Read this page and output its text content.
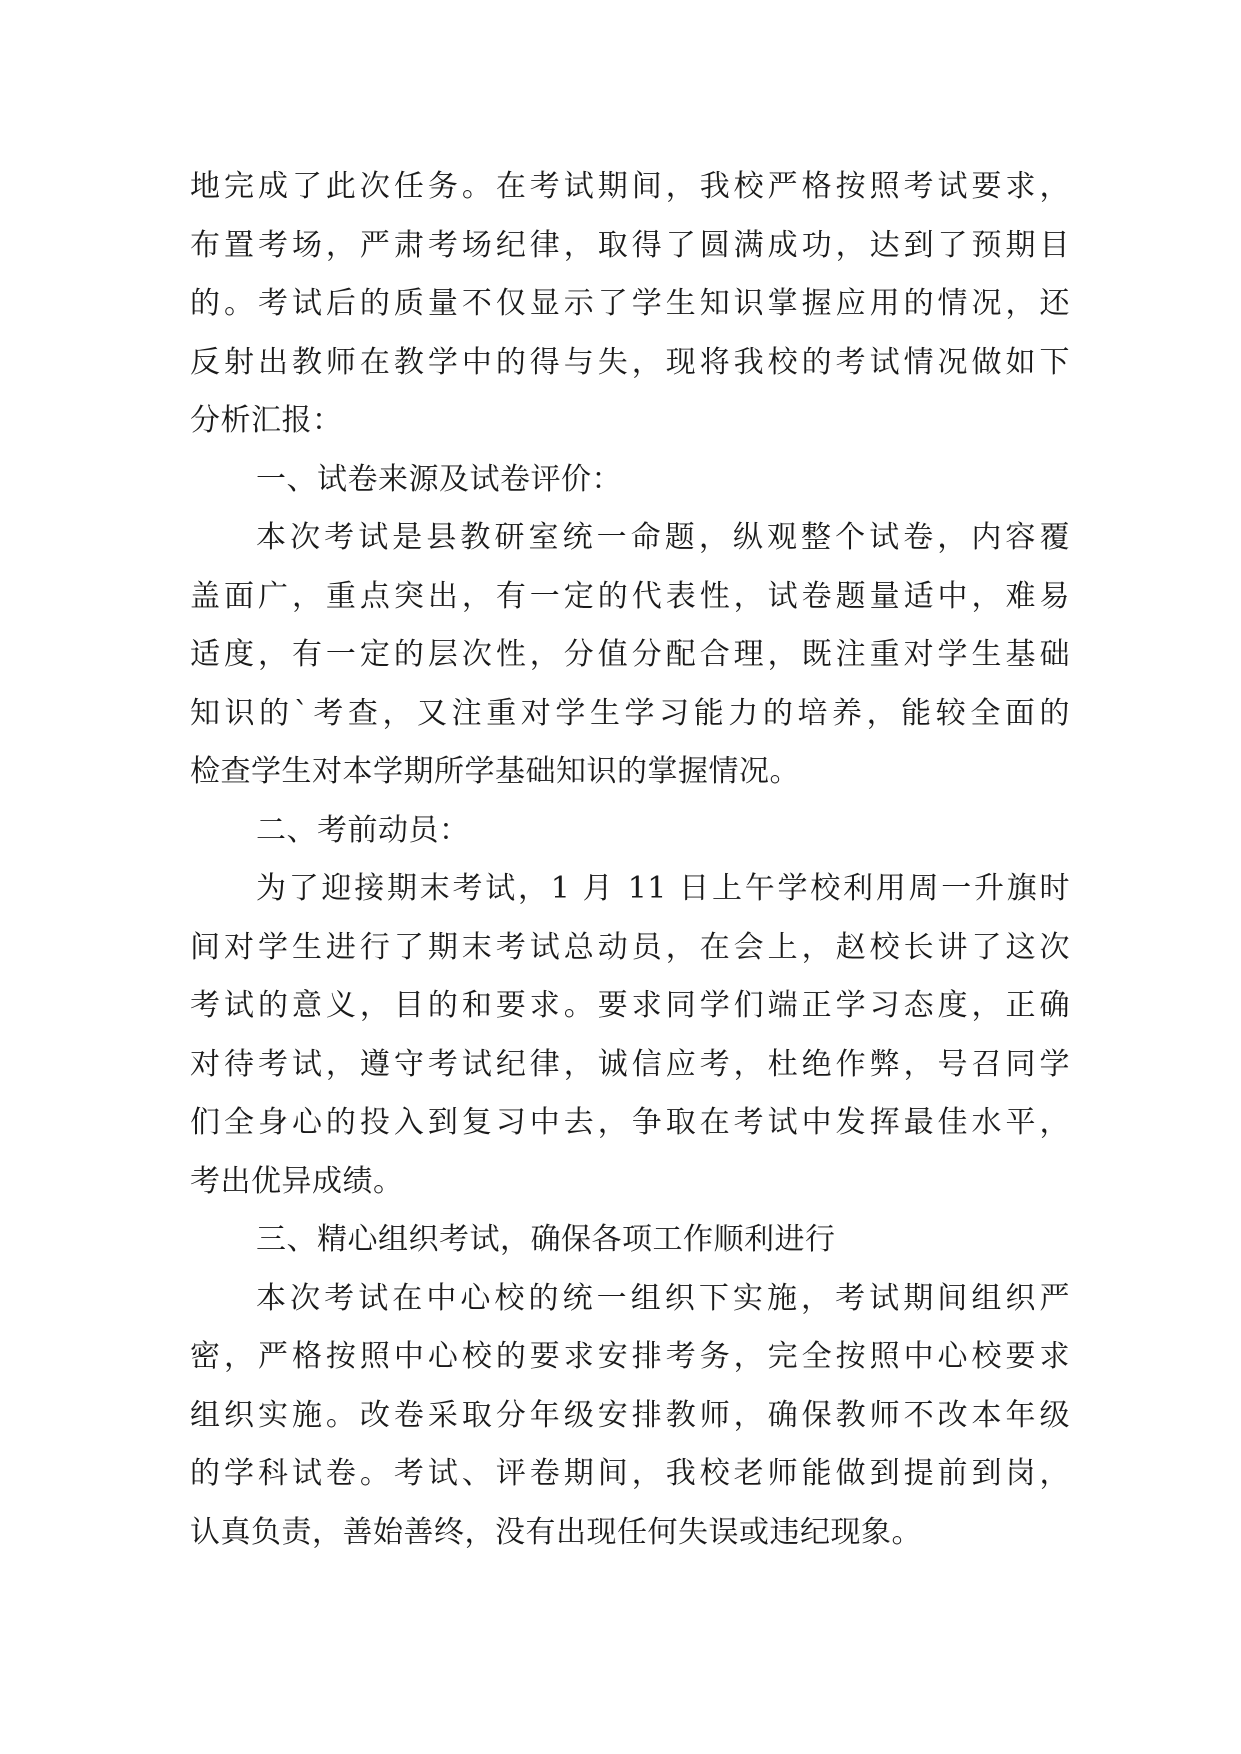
地完成了此次任务。在考试期间，我校严格按照考试要求，
布置考场，严肃考场纪律，取得了圆满成功，达到了预期目
的。考试后的质量不仅显示了学生知识掌握应用的情况，还
反射出教师在教学中的得与失，现将我校的考试情况做如下
分析汇报：
一、试卷来源及试卷评价：
本次考试是县教研室统一命题，纵观整个试卷，内容覆
盖面广，重点突出，有一定的代表性，试卷题量适中，难易
适度，有一定的层次性，分值分配合理，既注重对学生基础
知识的`考查，又注重对学生学习能力的培养，能较全面的
检查学生对本学期所学基础知识的掌握情况。
二、考前动员：
为了迎接期末考试，1 月 11 日上午学校利用周一升旗时
间对学生进行了期末考试总动员，在会上，赵校长讲了这次
考试的意义，目的和要求。要求同学们端正学习态度，正确
对待考试，遵守考试纪律，诚信应考，杜绝作弊，号召同学
们全身心的投入到复习中去，争取在考试中发挥最佳水平，
考出优异成绩。
三、精心组织考试，确保各项工作顺利进行
本次考试在中心校的统一组织下实施，考试期间组织严
密，严格按照中心校的要求安排考务，完全按照中心校要求
组织实施。改卷采取分年级安排教师，确保教师不改本年级
的学科试卷。考试、评卷期间，我校老师能做到提前到岗，
认真负责，善始善终，没有出现任何失误或违纪现象。
